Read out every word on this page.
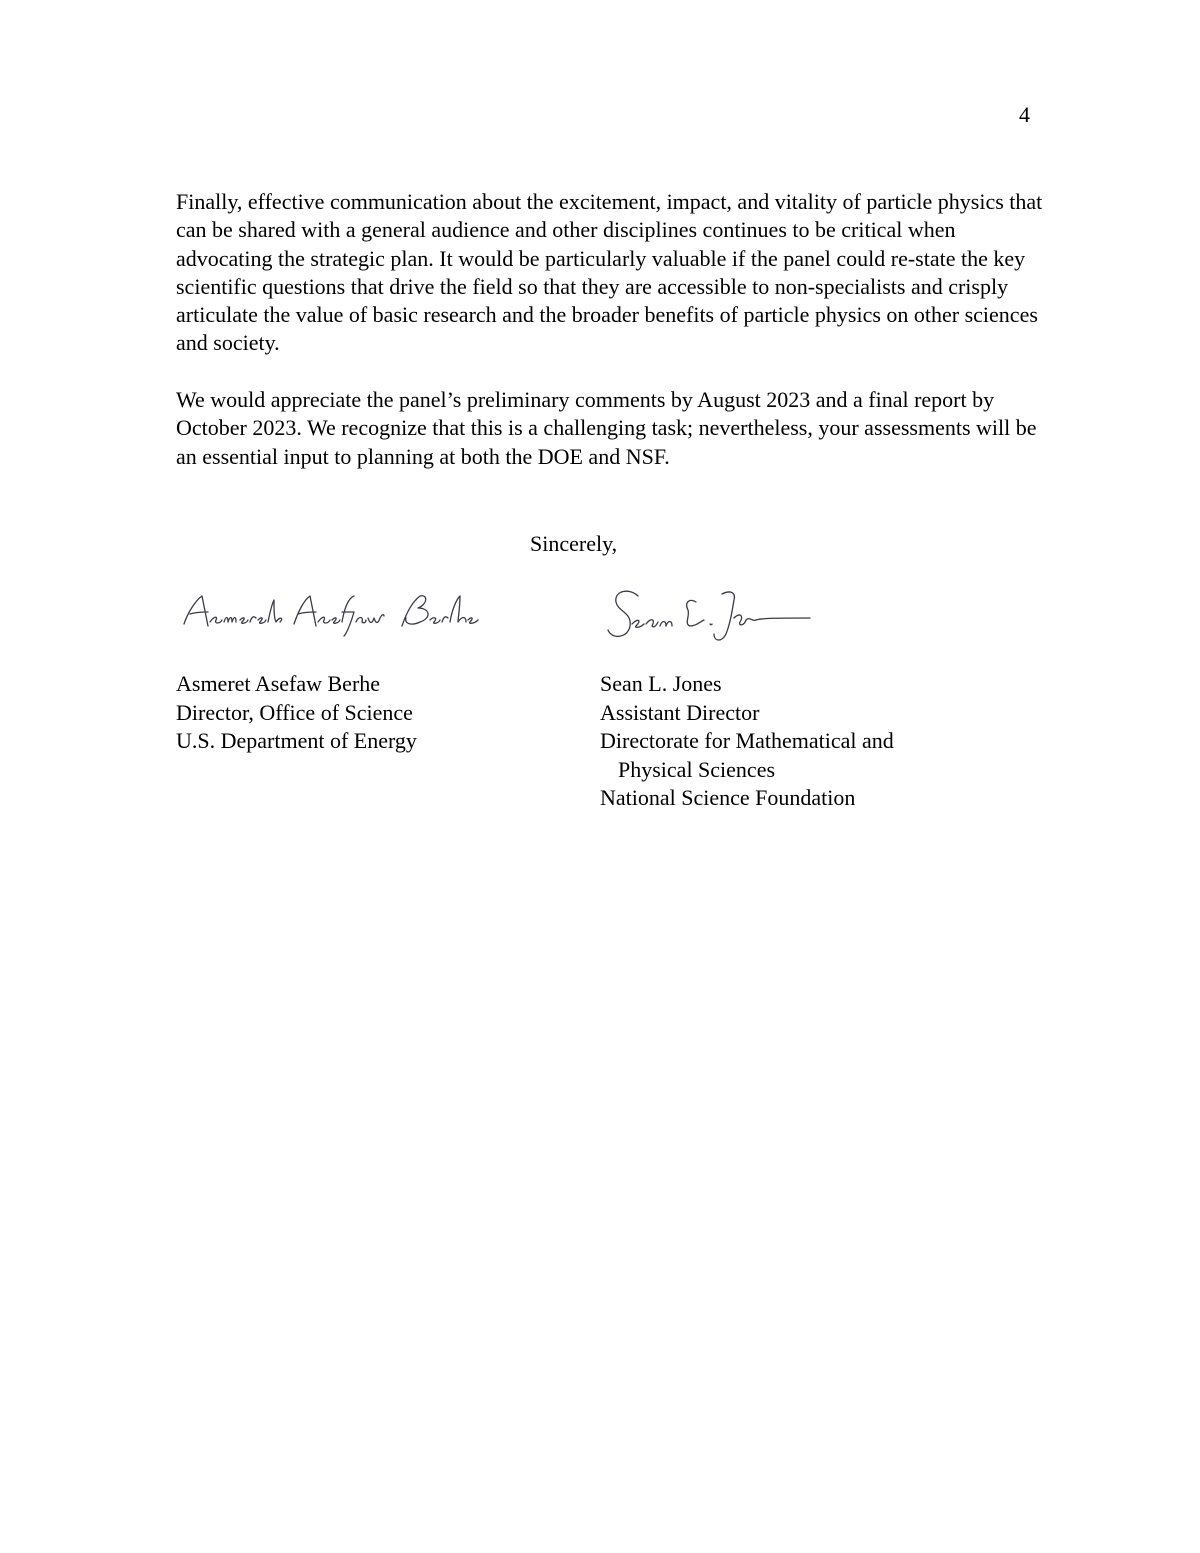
4

Finally, effective communication about the excitement, impact, and vitality of particle physics that can be shared with a general audience and other disciplines continues to be critical when advocating the strategic plan. It would be particularly valuable if the panel could re-state the key scientific questions that drive the field so that they are accessible to non-specialists and crisply articulate the value of basic research and the broader benefits of particle physics on other sciences and society.

We would appreciate the panel’s preliminary comments by August 2023 and a final report by October 2023. We recognize that this is a challenging task; nevertheless, your assessments will be an essential input to planning at both the DOE and NSF.

Sincerely,
Asmeret Asefaw Berhe
Director, Office of Science
U.S. Department of Energy
Sean L. Jones
Assistant Director
Directorate for Mathematical and
Physical Sciences
National Science Foundation
